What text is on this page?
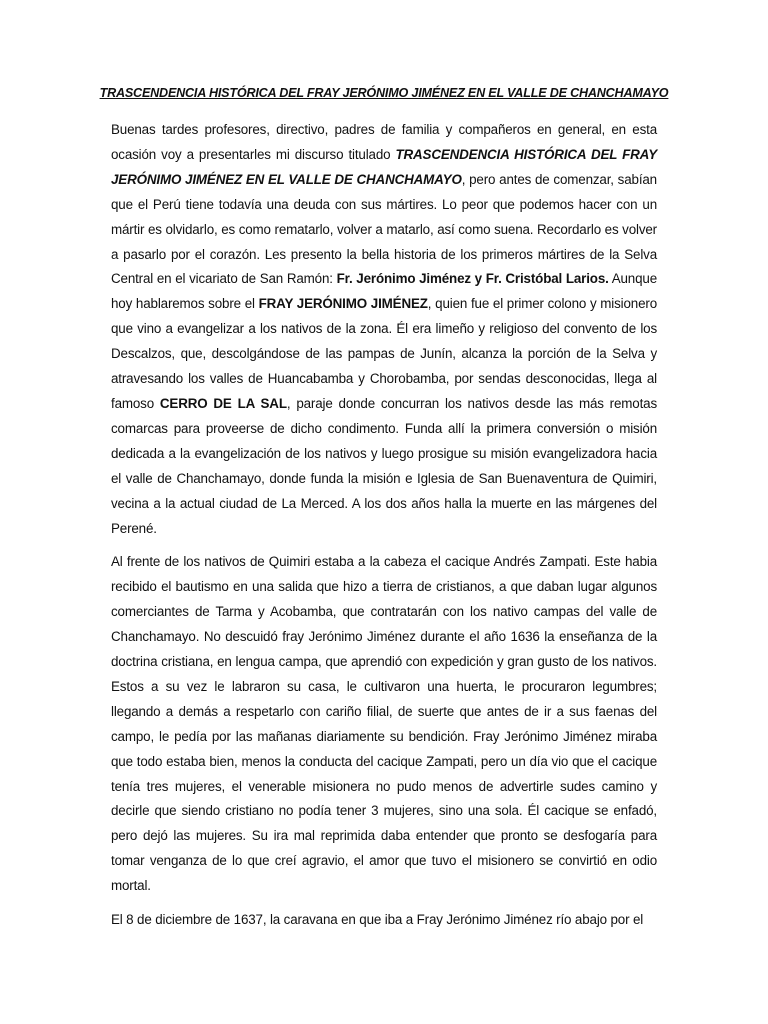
TRASCENDENCIA HISTÓRICA DEL FRAY JERÓNIMO JIMÉNEZ EN EL VALLE DE CHANCHAMAYO

Buenas tardes profesores, directivo, padres de familia y compañeros en general, en esta ocasión voy a presentarles mi discurso titulado TRASCENDENCIA HISTÓRICA DEL FRAY JERÓNIMO JIMÉNEZ EN EL VALLE DE CHANCHAMAYO, pero antes de comenzar, sabían que el Perú tiene todavía una deuda con sus mártires. Lo peor que podemos hacer con un mártir es olvidarlo, es como rematarlo, volver a matarlo, así como suena. Recordarlo es volver a pasarlo por el corazón. Les presento la bella historia de los primeros mártires de la Selva Central en el vicariato de San Ramón: Fr. Jerónimo Jiménez y Fr. Cristóbal Larios. Aunque hoy hablaremos sobre el FRAY JERÓNIMO JIMÉNEZ, quien fue el primer colono y misionero que vino a evangelizar a los nativos de la zona. Él era limeño y religioso del convento de los Descalzos, que, descolgándose de las pampas de Junín, alcanza la porción de la Selva y atravesando los valles de Huancabamba y Chorobamba, por sendas desconocidas, llega al famoso CERRO DE LA SAL, paraje donde concurran los nativos desde las más remotas comarcas para proveerse de dicho condimento. Funda allí la primera conversión o misión dedicada a la evangelización de los nativos y luego prosigue su misión evangelizadora hacia el valle de Chanchamayo, donde funda la misión e Iglesia de San Buenaventura de Quimiri, vecina a la actual ciudad de La Merced. A los dos años halla la muerte en las márgenes del Perené.

Al frente de los nativos de Quimiri estaba a la cabeza el cacique Andrés Zampati. Este habia recibido el bautismo en una salida que hizo a tierra de cristianos, a que daban lugar algunos comerciantes de Tarma y Acobamba, que contratarán con los nativo campas del valle de Chanchamayo. No descuidó fray Jerónimo Jiménez durante el año 1636 la enseñanza de la doctrina cristiana, en lengua campa, que aprendió con expedición y gran gusto de los nativos. Estos a su vez le labraron su casa, le cultivaron una huerta, le procuraron legumbres; llegando a demás a respetarlo con cariño filial, de suerte que antes de ir a sus faenas del campo, le pedía por las mañanas diariamente su bendición. Fray Jerónimo Jiménez miraba que todo estaba bien, menos la conducta del cacique Zampati, pero un día vio que el cacique tenía tres mujeres, el venerable misionera no pudo menos de advertirle sudes camino y decirle que siendo cristiano no podía tener 3 mujeres, sino una sola. Él cacique se enfadó, pero dejó las mujeres. Su ira mal reprimida daba entender que pronto se desfogaría para tomar venganza de lo que creí agravio, el amor que tuvo el misionero se convirtió en odio mortal.

El 8 de diciembre de 1637, la caravana en que iba a Fray Jerónimo Jiménez río abajo por el
